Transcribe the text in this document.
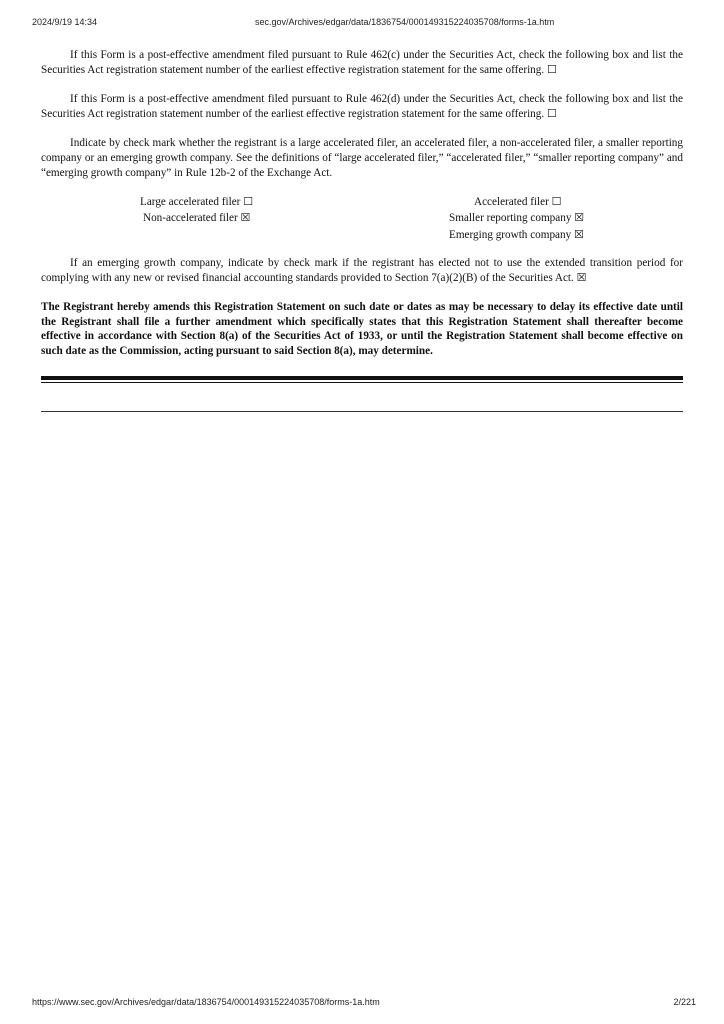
2024/9/19 14:34	sec.gov/Archives/edgar/data/1836754/000149315224035708/forms-1a.htm

If this Form is a post-effective amendment filed pursuant to Rule 462(c) under the Securities Act, check the following box and list the Securities Act registration statement number of the earliest effective registration statement for the same offering. ☐

If this Form is a post-effective amendment filed pursuant to Rule 462(d) under the Securities Act, check the following box and list the Securities Act registration statement number of the earliest effective registration statement for the same offering. ☐

Indicate by check mark whether the registrant is a large accelerated filer, an accelerated filer, a non-accelerated filer, a smaller reporting company or an emerging growth company. See the definitions of “large accelerated filer,” “accelerated filer,” “smaller reporting company” and “emerging growth company” in Rule 12b-2 of the Exchange Act.

Large accelerated filer ☐
Non-accelerated filer ☒
Accelerated filer ☐
Smaller reporting company ☒
Emerging growth company ☒

If an emerging growth company, indicate by check mark if the registrant has elected not to use the extended transition period for complying with any new or revised financial accounting standards provided to Section 7(a)(2)(B) of the Securities Act. ☒

The Registrant hereby amends this Registration Statement on such date or dates as may be necessary to delay its effective date until the Registrant shall file a further amendment which specifically states that this Registration Statement shall thereafter become effective in accordance with Section 8(a) of the Securities Act of 1933, or until the Registration Statement shall become effective on such date as the Commission, acting pursuant to said Section 8(a), may determine.

https://www.sec.gov/Archives/edgar/data/1836754/000149315224035708/forms-1a.htm	2/221
